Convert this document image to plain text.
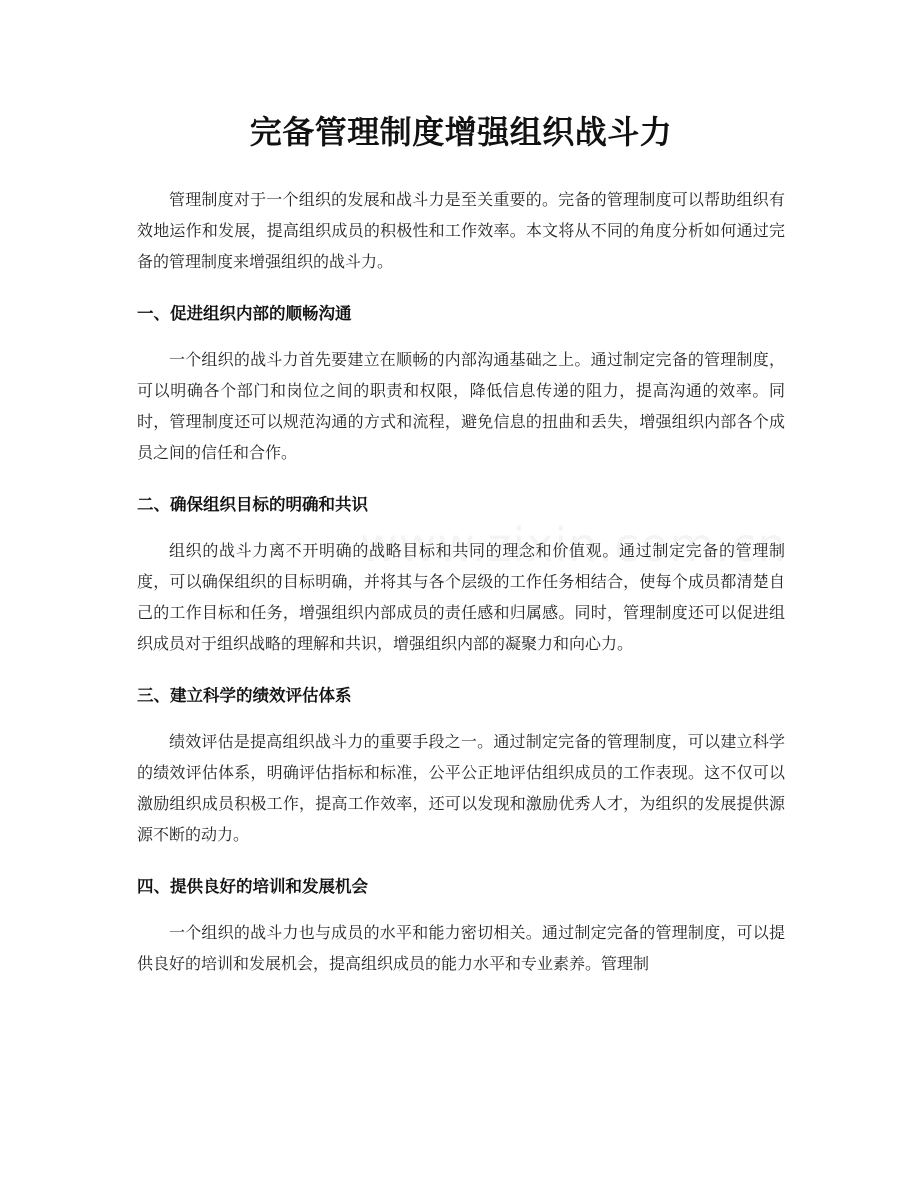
完备管理制度增强组织战斗力

管理制度对于一个组织的发展和战斗力是至关重要的。完备的管理制度可以帮助组织有效地运作和发展，提高组织成员的积极性和工作效率。本文将从不同的角度分析如何通过完备的管理制度来增强组织的战斗力。

一、促进组织内部的顺畅沟通

一个组织的战斗力首先要建立在顺畅的内部沟通基础之上。通过制定完备的管理制度，可以明确各个部门和岗位之间的职责和权限，降低信息传递的阻力，提高沟通的效率。同时，管理制度还可以规范沟通的方式和流程，避免信息的扭曲和丢失，增强组织内部各个成员之间的信任和合作。

二、确保组织目标的明确和共识

组织的战斗力离不开明确的战略目标和共同的理念和价值观。通过制定完备的管理制度，可以确保组织的目标明确，并将其与各个层级的工作任务相结合，使每个成员都清楚自己的工作目标和任务，增强组织内部成员的责任感和归属感。同时，管理制度还可以促进组织成员对于组织战略的理解和共识，增强组织内部的凝聚力和向心力。

三、建立科学的绩效评估体系

绩效评估是提高组织战斗力的重要手段之一。通过制定完备的管理制度，可以建立科学的绩效评估体系，明确评估指标和标准，公平公正地评估组织成员的工作表现。这不仅可以激励组织成员积极工作，提高工作效率，还可以发现和激励优秀人才，为组织的发展提供源源不断的动力。

四、提供良好的培训和发展机会

一个组织的战斗力也与成员的水平和能力密切相关。通过制定完备的管理制度，可以提供良好的培训和发展机会，提高组织成员的能力水平和专业素养。管理制
